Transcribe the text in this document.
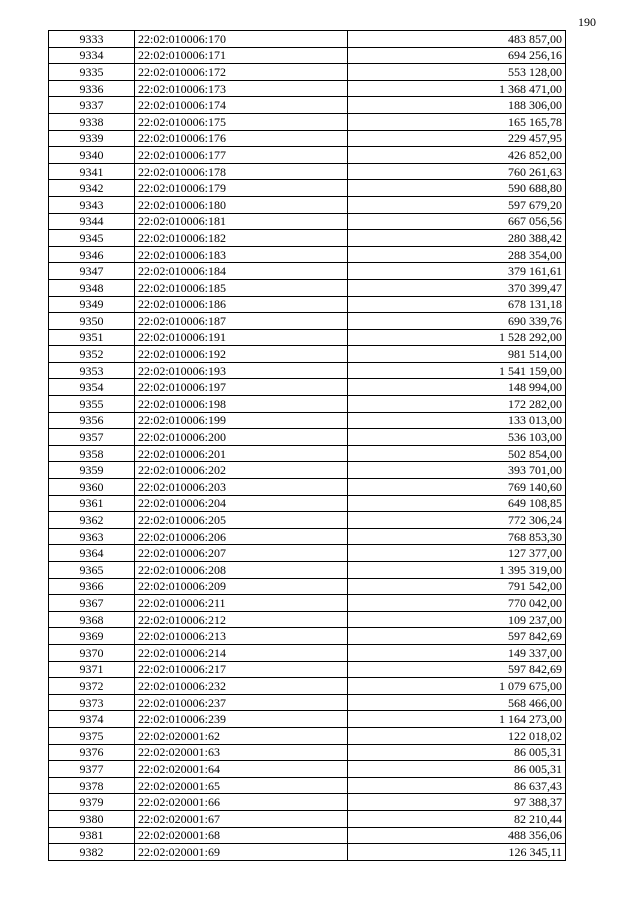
190
9333	22:02:010006:170	483 857,00
9334	22:02:010006:171	694 256,16
9335	22:02:010006:172	553 128,00
9336	22:02:010006:173	1 368 471,00
9337	22:02:010006:174	188 306,00
9338	22:02:010006:175	165 165,78
9339	22:02:010006:176	229 457,95
9340	22:02:010006:177	426 852,00
9341	22:02:010006:178	760 261,63
9342	22:02:010006:179	590 688,80
9343	22:02:010006:180	597 679,20
9344	22:02:010006:181	667 056,56
9345	22:02:010006:182	280 388,42
9346	22:02:010006:183	288 354,00
9347	22:02:010006:184	379 161,61
9348	22:02:010006:185	370 399,47
9349	22:02:010006:186	678 131,18
9350	22:02:010006:187	690 339,76
9351	22:02:010006:191	1 528 292,00
9352	22:02:010006:192	981 514,00
9353	22:02:010006:193	1 541 159,00
9354	22:02:010006:197	148 994,00
9355	22:02:010006:198	172 282,00
9356	22:02:010006:199	133 013,00
9357	22:02:010006:200	536 103,00
9358	22:02:010006:201	502 854,00
9359	22:02:010006:202	393 701,00
9360	22:02:010006:203	769 140,60
9361	22:02:010006:204	649 108,85
9362	22:02:010006:205	772 306,24
9363	22:02:010006:206	768 853,30
9364	22:02:010006:207	127 377,00
9365	22:02:010006:208	1 395 319,00
9366	22:02:010006:209	791 542,00
9367	22:02:010006:211	770 042,00
9368	22:02:010006:212	109 237,00
9369	22:02:010006:213	597 842,69
9370	22:02:010006:214	149 337,00
9371	22:02:010006:217	597 842,69
9372	22:02:010006:232	1 079 675,00
9373	22:02:010006:237	568 466,00
9374	22:02:010006:239	1 164 273,00
9375	22:02:020001:62	122 018,02
9376	22:02:020001:63	86 005,31
9377	22:02:020001:64	86 005,31
9378	22:02:020001:65	86 637,43
9379	22:02:020001:66	97 388,37
9380	22:02:020001:67	82 210,44
9381	22:02:020001:68	488 356,06
9382	22:02:020001:69	126 345,11
